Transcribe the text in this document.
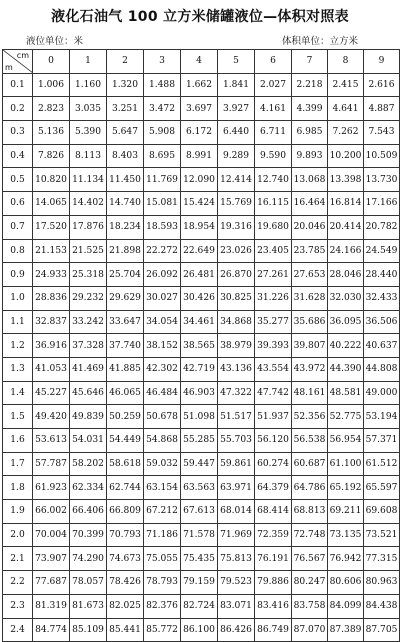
液化石油气 100 立方米储罐液位—体积对照表
液位单位：米	体积单位：立方米
cm
m	0	1	2	3	4	5	6	7	8	9
0.1	1.006	1.160	1.320	1.488	1.662	1.841	2.027	2.218	2.415	2.616
0.2	2.823	3.035	3.251	3.472	3.697	3.927	4.161	4.399	4.641	4.887
0.3	5.136	5.390	5.647	5.908	6.172	6.440	6.711	6.985	7.262	7.543
0.4	7.826	8.113	8.403	8.695	8.991	9.289	9.590	9.893	10.200	10.509
0.5	10.820	11.134	11.450	11.769	12.090	12.414	12.740	13.068	13.398	13.730
0.6	14.065	14.402	14.740	15.081	15.424	15.769	16.115	16.464	16.814	17.166
0.7	17.520	17.876	18.234	18.593	18.954	19.316	19.680	20.046	20.414	20.782
0.8	21.153	21.525	21.898	22.272	22.649	23.026	23.405	23.785	24.166	24.549
0.9	24.933	25.318	25.704	26.092	26.481	26.870	27.261	27.653	28.046	28.440
1.0	28.836	29.232	29.629	30.027	30.426	30.825	31.226	31.628	32.030	32.433
1.1	32.837	33.242	33.647	34.054	34.461	34.868	35.277	35.686	36.095	36.506
1.2	36.916	37.328	37.740	38.152	38.565	38.979	39.393	39.807	40.222	40.637
1.3	41.053	41.469	41.885	42.302	42.719	43.136	43.554	43.972	44.390	44.808
1.4	45.227	45.646	46.065	46.484	46.903	47.322	47.742	48.161	48.581	49.000
1.5	49.420	49.839	50.259	50.678	51.098	51.517	51.937	52.356	52.775	53.194
1.6	53.613	54.031	54.449	54.868	55.285	55.703	56.120	56.538	56.954	57.371
1.7	57.787	58.202	58.618	59.032	59.447	59.861	60.274	60.687	61.100	61.512
1.8	61.923	62.334	62.744	63.154	63.563	63.971	64.379	64.786	65.192	65.597
1.9	66.002	66.406	66.809	67.212	67.613	68.014	68.414	68.813	69.211	69.608
2.0	70.004	70.399	70.793	71.186	71.578	71.969	72.359	72.748	73.135	73.521
2.1	73.907	74.290	74.673	75.055	75.435	75.813	76.191	76.567	76.942	77.315
2.2	77.687	78.057	78.426	78.793	79.159	79.523	79.886	80.247	80.606	80.963
2.3	81.319	81.673	82.025	82.376	82.724	83.071	83.416	83.758	84.099	84.438
2.4	84.774	85.109	85.441	85.772	86.100	86.426	86.749	87.070	87.389	87.705
